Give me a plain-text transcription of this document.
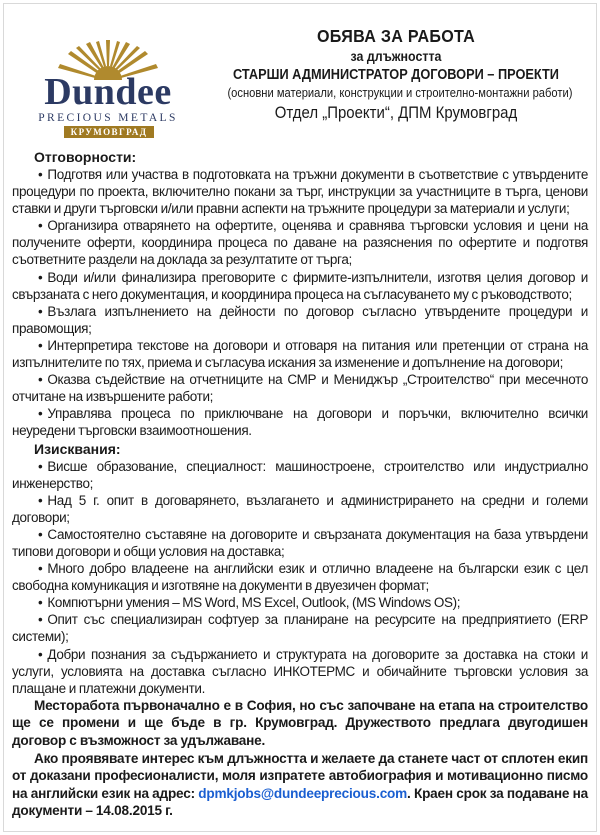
Dundee
PRECIOUS METALS
КРУМОВГРАД
ОБЯВА ЗА РАБОТА
за длъжността
СТАРШИ АДМИНИСТРАТОР ДОГОВОРИ – ПРОЕКТИ
(основни материали, конструкции и строително-монтажни работи)
Отдел „Проекти“, ДПМ Крумовград
Отговорности:
• Подготвя или участва в подготовката на тръжни документи в съответствие с утвърдените процедури по проекта, включително покани за търг, инструкции за участниците в търга, ценови ставки и други търговски и/или правни аспекти на тръжните процедури за материали и услуги;
• Организира отварянето на офертите, оценява и сравнява търговски условия и цени на получените оферти, координира процеса по даване на разяснения по офертите и подготвя съответните раздели на доклада за резултатите от търга;
• Води и/или финализира преговорите с фирмите-изпълнители, изготвя целия договор и свързаната с него документация, и координира процеса на съгласуването му с ръководството;
• Възлага изпълнението на дейности по договор съгласно утвърдените процедури и правомощия;
• Интерпретира текстове на договори и отговаря на питания или претенции от страна на изпълнителите по тях, приема и съгласува искания за изменение и допълнение на договори;
• Оказва съдействие на отчетниците на СМР и Мениджър „Строителство“ при месечното отчитане на извършените работи;
• Управлява процеса по приключване на договори и поръчки, включително всички неуредени търговски взаимоотношения.
Изисквания:
• Висше образование, специалност: машиностроене, строителство или индустриално инженерство;
• Над 5 г. опит в договарянето, възлагането и администрирането на средни и големи договори;
• Самостоятелно съставяне на договорите и свързаната документация на база утвърдени типови договори и общи условия на доставка;
• Много добро владеене на английски език и отлично владеене на български език с цел свободна комуникация и изготвяне на документи в двуезичен формат;
• Компютърни умения – MS Word, MS Excel, Outlook, (MS Windows OS);
• Опит със специализиран софтуер за планиране на ресурсите на предприятието (ERP системи);
• Добри познания за съдържанието и структурата на договорите за доставка на стоки и услуги, условията на доставка съгласно ИНКОТЕРМС и обичайните търговски условия за плащане и платежни документи.
Месторабота първоначално е в София, но със започване на етапа на строителство ще се промени и ще бъде в гр. Крумовград. Дружеството предлага двугодишен договор с възможност за удължаване.
Ако проявявате интерес към длъжността и желаете да станете част от сплотен екип от доказани професионалисти, моля изпратете автобиография и мотивационно писмо на английски език на адрес: dpmkjobs@dundeeprecious.com. Краен срок за подаване на документи – 14.08.2015 г.
